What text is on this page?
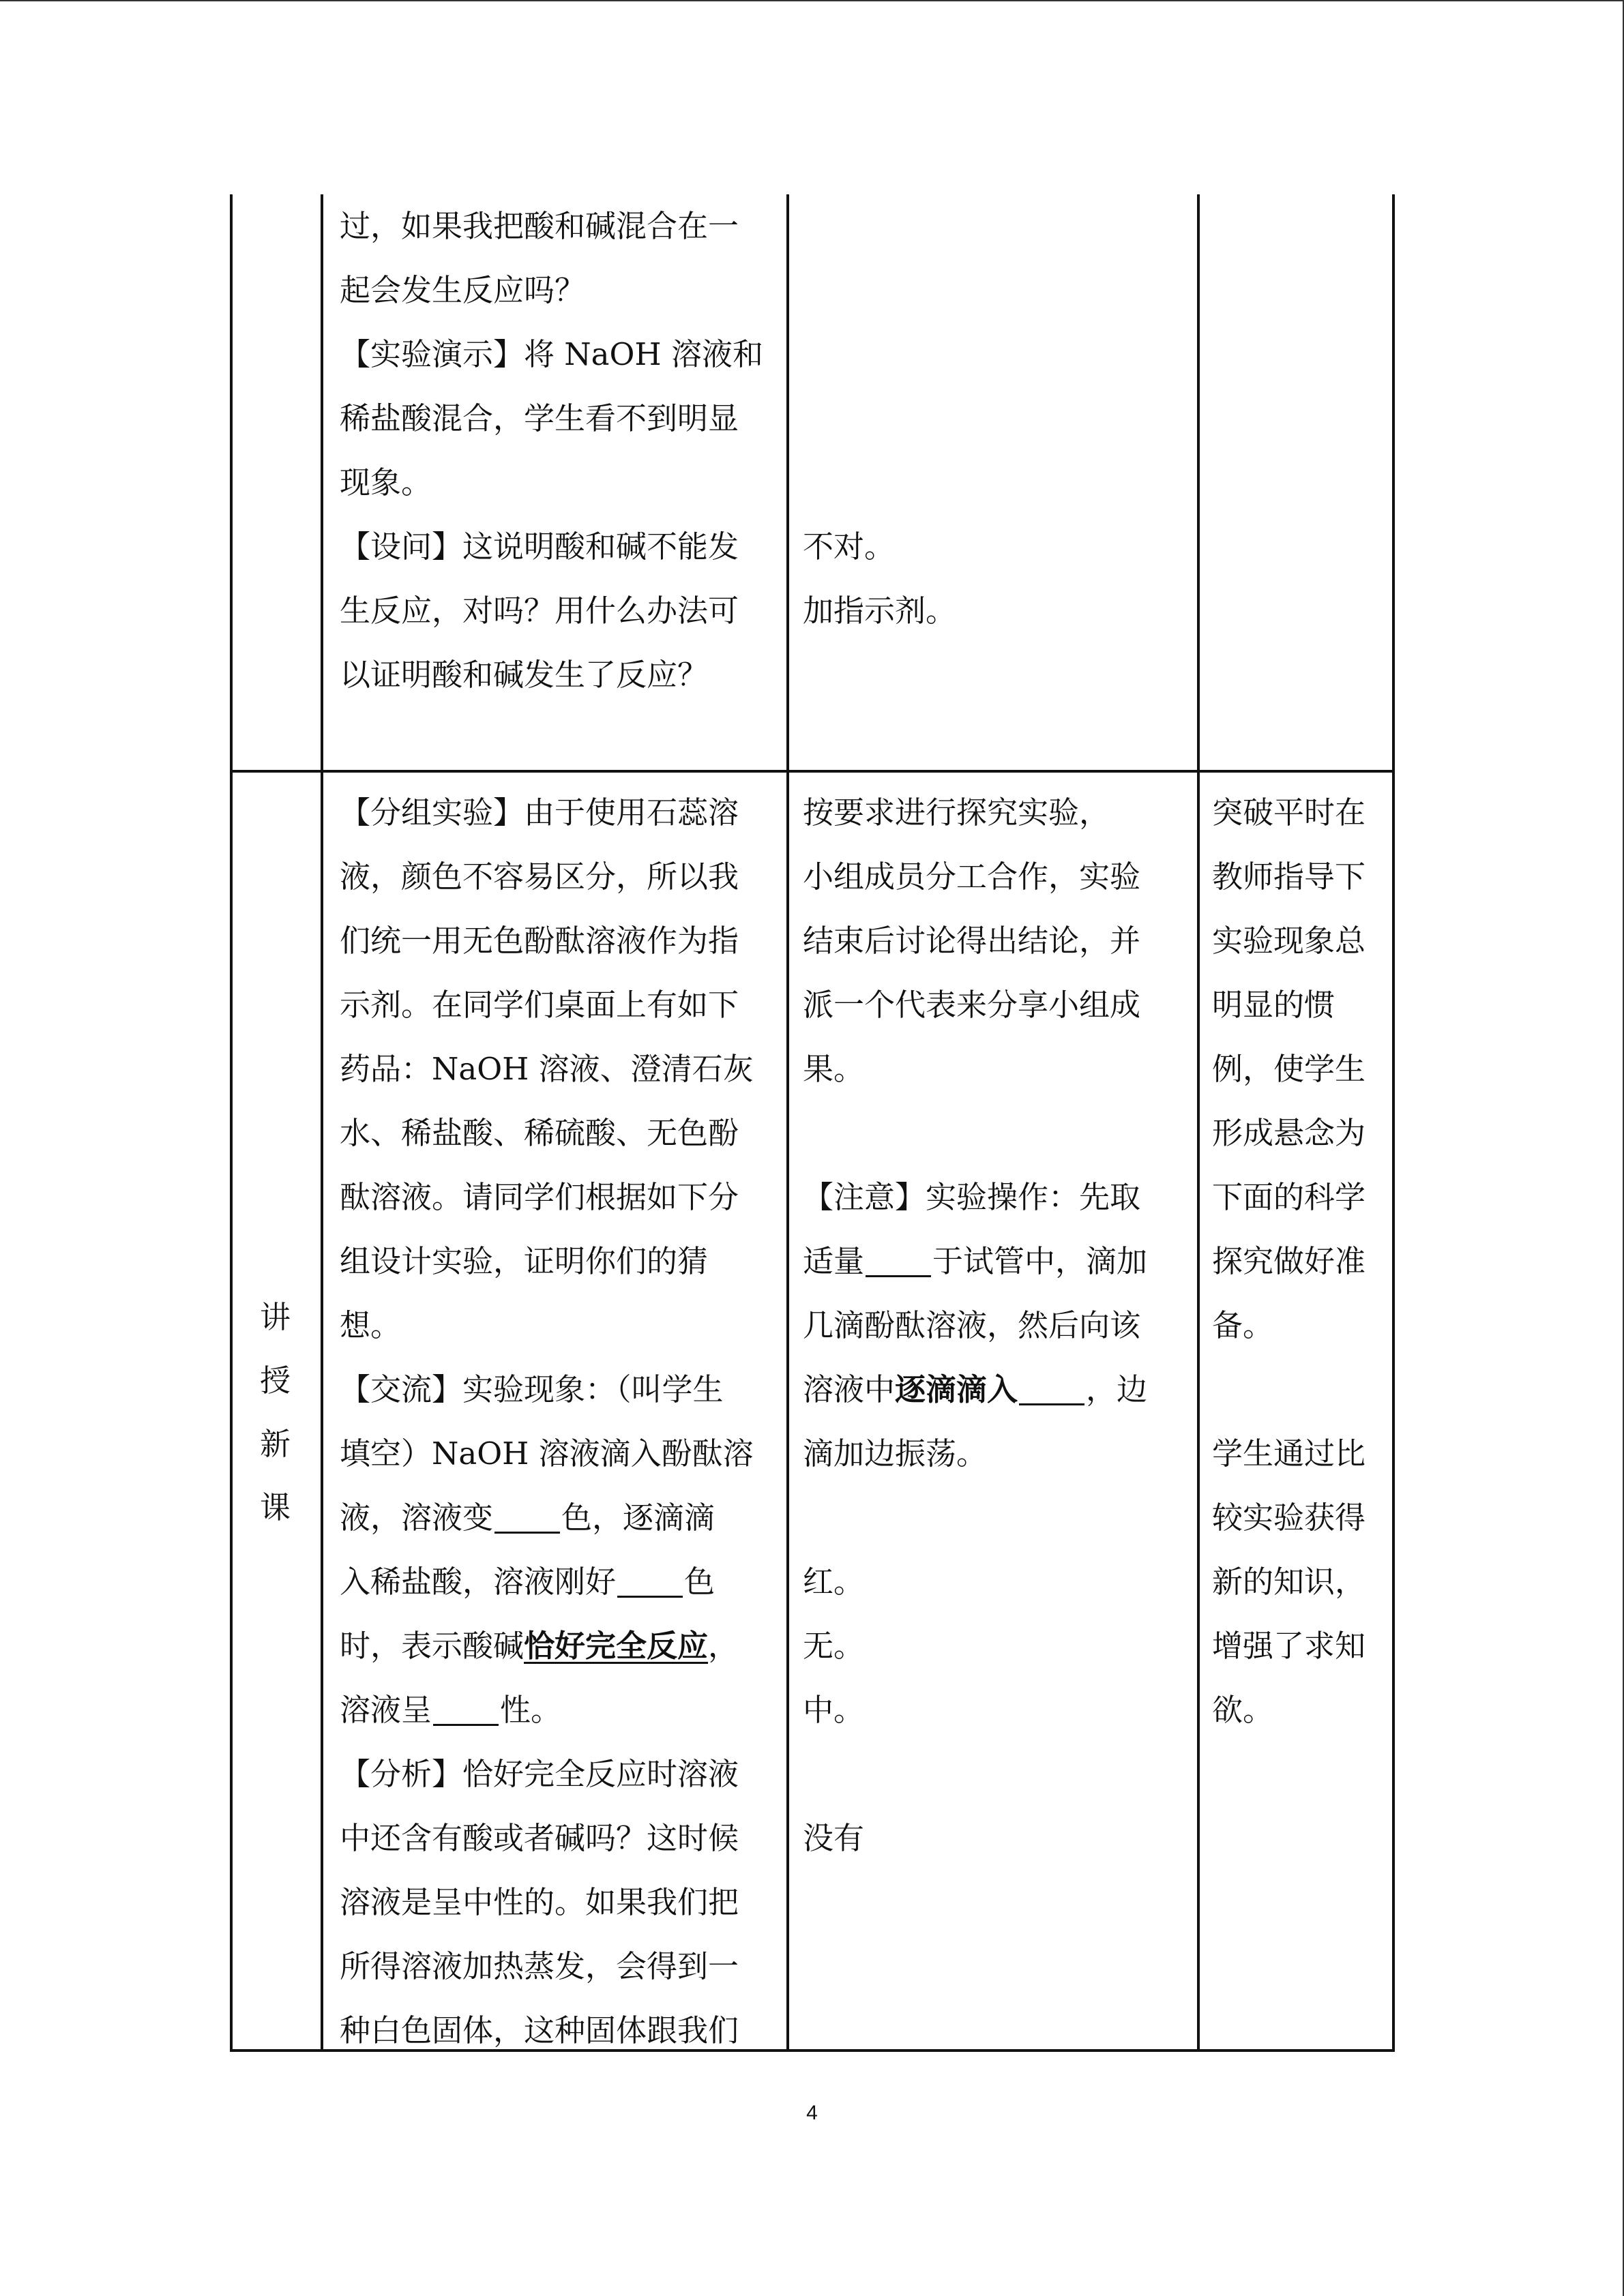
过，如果我把酸和碱混合在一
起会发生反应吗？
【实验演示】将 NaOH 溶液和
稀盐酸混合，学生看不到明显
现象。
【设问】这说明酸和碱不能发
生反应，对吗？用什么办法可
以证明酸和碱发生了反应？
不对。
加指示剂。
讲
授
新
课
【分组实验】由于使用石蕊溶
液，颜色不容易区分，所以我
们统一用无色酚酞溶液作为指
示剂。在同学们桌面上有如下
药品：NaOH 溶液、澄清石灰
水、稀盐酸、稀硫酸、无色酚
酞溶液。请同学们根据如下分
组设计实验，证明你们的猜
想。
【交流】实验现象：（叫学生
填空）NaOH 溶液滴入酚酞溶
液，溶液变 色，逐滴滴
入稀盐酸，溶液刚好 色
时，表示酸碱恰好完全反应，
溶液呈 性。
【分析】恰好完全反应时溶液
中还含有酸或者碱吗？这时候
溶液是呈中性的。如果我们把
所得溶液加热蒸发，会得到一
种白色固体，这种固体跟我们
按要求进行探究实验，
小组成员分工合作，实验
结束后讨论得出结论，并
派一个代表来分享小组成
果。
【注意】实验操作：先取
适量 于试管中，滴加
几滴酚酞溶液，然后向该
溶液中逐滴滴入 ，边
滴加边振荡。
红。
无。
中。
没有
突破平时在
教师指导下
实验现象总
明显的惯
例，使学生
形成悬念为
下面的科学
探究做好准
备。
学生通过比
较实验获得
新的知识，
增强了求知
欲。
4
